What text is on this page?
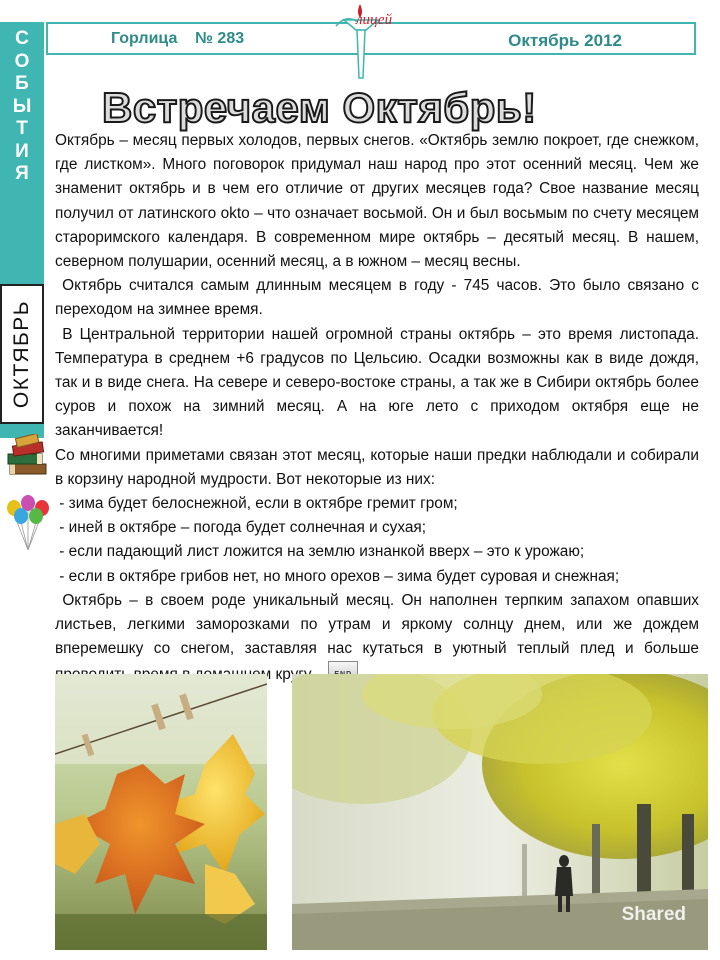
С
О
Б
Ы
Т
И
Я
ОКТЯБРЬ
Горлица    № 283	Октябрь 2012
лицей
Встречаем Октябрь!

Октябрь – месяц первых холодов, первых снегов. «Октябрь землю покроет, где снежком, где листком». Много поговорок придумал наш народ про этот осенний месяц. Чем же знаменит октябрь и в чем его отличие от других месяцев года? Свое название месяц получил от латинского okto – что означает восьмой. Он и был восьмым по счету месяцем староримского календаря. В современном мире октябрь – десятый месяц. В нашем, северном полушарии, осенний месяц, а в южном – месяц весны.

Октябрь считался самым длинным месяцем в году - 745 часов. Это было связано с переходом на зимнее время.

В Центральной территории нашей огромной страны октябрь – это время листопада. Температура в среднем +6 градусов по Цельсию. Осадки возможны как в виде дождя, так и в виде снега. На севере и северо-востоке страны, а так же в Сибири октябрь более суров и похож на зимний месяц. А на юге лето с приходом октября еще не заканчивается!

Со многими приметами связан этот месяц, которые наши предки наблюдали и собирали в корзину народной мудрости. Вот некоторые из них:

- зима будет белоснежной, если в октябре гремит гром;

- иней в октябре – погода будет солнечная и сухая;

- если падающий лист ложится на землю изнанкой вверх – это к урожаю;

- если в октябре грибов нет, но много орехов – зима будет суровая и снежная;

Октябрь – в своем роде уникальный месяц. Он наполнен терпким запахом опавших листьев, легкими заморозками по утрам и яркому солнцу днем, или же дождем вперемешку со снегом, заставляя нас кутаться в уютный теплый плед и больше

Shared
